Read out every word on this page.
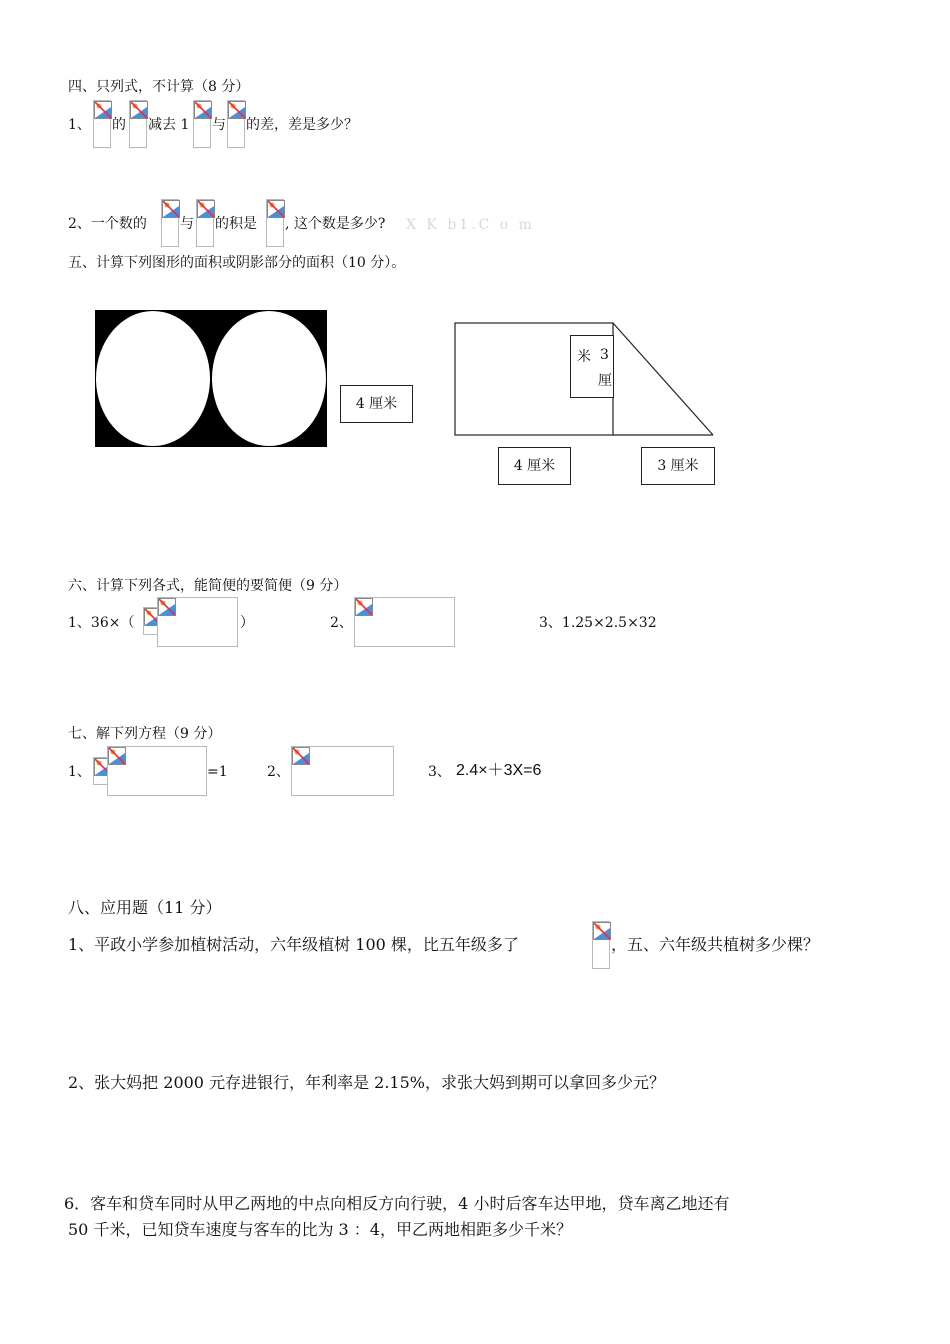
四、只列式，不计算（8 分）
1、 的 减去 1 与 的差，差是多少？
2、一个数的 与 的积是 , 这个数是多少? X K b1.C o m
五、计算下列图形的面积或阴影部分的面积（10 分）。
4 厘米
3
米
厘
4 厘米	3 厘米
六、计算下列各式，能简便的要简便（9 分）
1、36×（	）	2、	3、1.25×2.5×32
七、解下列方程（9 分）
1、	=1	2、	3、 2.4×＋3X=6
八、应用题（11 分）
1、平政小学参加植树活动，六年级植树 100 棵，比五年级多了	，五、六年级共植树多少棵？
2、张大妈把 2000 元存进银行，年利率是 2.15%，求张大妈到期可以拿回多少元？
6．客车和贷车同时从甲乙两地的中点向相反方向行驶，4 小时后客车达甲地，贷车离乙地还有
50 千米，已知贷车速度与客车的比为 3 ：4，甲乙两地相距多少千米？
